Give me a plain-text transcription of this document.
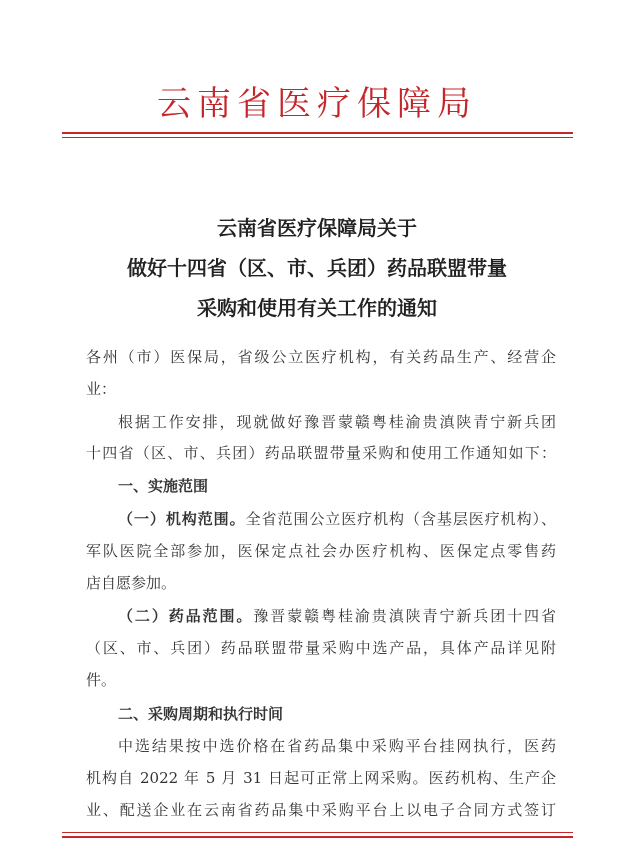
云南省医疗保障局
云南省医疗保障局关于
做好十四省（区、市、兵团）药品联盟带量
采购和使用有关工作的通知
各州（市）医保局，省级公立医疗机构，有关药品生产、经营企
业：
根据工作安排，现就做好豫晋蒙赣粤桂渝贵滇陕青宁新兵团
十四省（区、市、兵团）药品联盟带量采购和使用工作通知如下：
一、实施范围
（一）机构范围。全省范围公立医疗机构（含基层医疗机构）、
军队医院全部参加，医保定点社会办医疗机构、医保定点零售药
店自愿参加。
（二）药品范围。豫晋蒙赣粤桂渝贵滇陕青宁新兵团十四省
（区、市、兵团）药品联盟带量采购中选产品，具体产品详见附
件。
二、采购周期和执行时间
中选结果按中选价格在省药品集中采购平台挂网执行，医药
机构自 2022 年 5 月 31 日起可正常上网采购。医药机构、生产企
业、配送企业在云南省药品集中采购平台上以电子合同方式签订
